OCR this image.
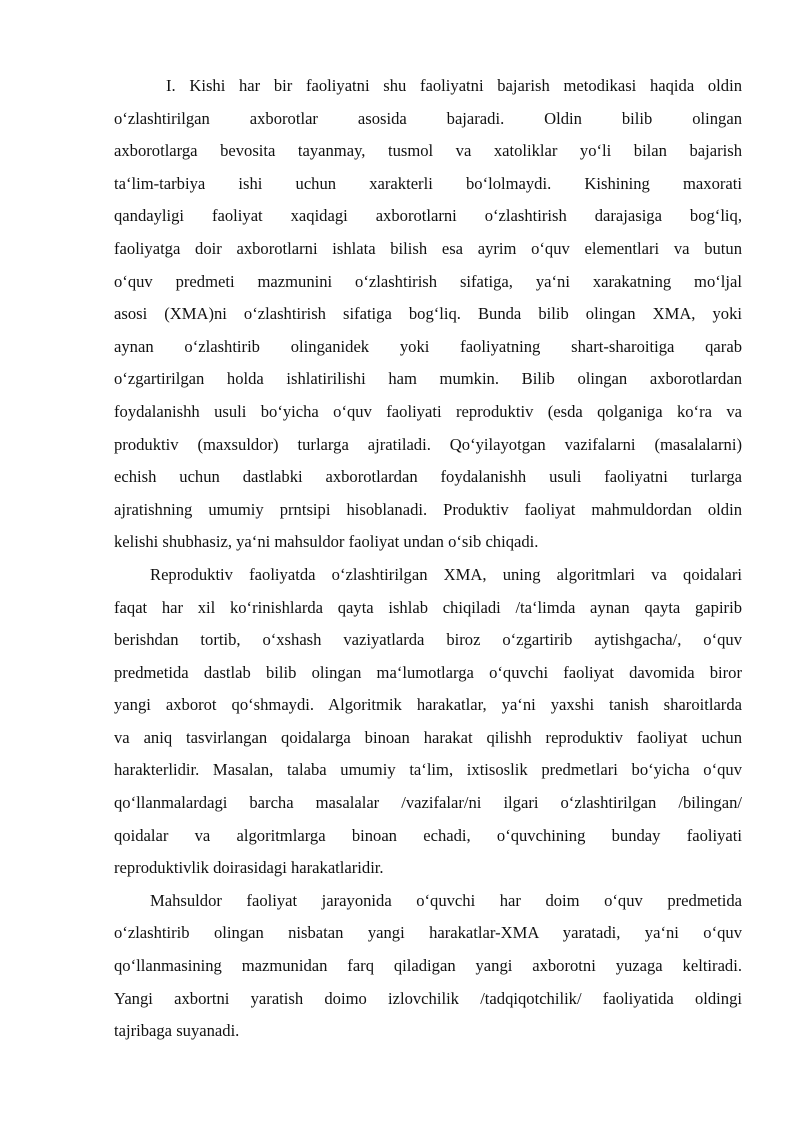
I. Kishi har bir faoliyatni shu faoliyatni bajarish metodikasi haqida oldin
oʻzlashtirilgan axborotlar asosida bajaradi. Oldin bilib olingan
axborotlarga bevosita tayanmay, tusmol va xatoliklar yoʻli bilan bajarish
taʻlim-tarbiya ishi uchun xarakterli boʻlolmaydi. Kishining maxorati
qandayligi faoliyat xaqidagi axborotlarni oʻzlashtirish darajasiga bogʻliq,
faoliyatga doir axborotlarni ishlata bilish esa ayrim oʻquv elementlari va butun
oʻquv predmeti mazmunini oʻzlashtirish sifatiga, yaʻni xarakatning moʻljal
asosi (XMA)ni oʻzlashtirish sifatiga bogʻliq. Bunda bilib olingan XMA, yoki
aynan oʻzlashtirib olinganidek yoki faoliyatning shart-sharoitiga qarab
oʻzgartirilgan holda ishlatirilishi ham mumkin. Bilib olingan axborotlardan
foydalanishh usuli boʻyicha oʻquv faoliyati reproduktiv (esda qolganiga koʻra va
produktiv (maxsuldor) turlarga ajratiladi. Qoʻyilayotgan vazifalarni (masalalarni)
echish uchun dastlabki axborotlardan foydalanishh usuli faoliyatni turlarga
ajratishning umumiy prntsipi hisoblanadi. Produktiv faoliyat mahmuldordan oldin
kelishi shubhasiz, yaʻni mahsuldor faoliyat undan oʻsib chiqadi.
Reproduktiv faoliyatda oʻzlashtirilgan XMA, uning algoritmlari va qoidalari
faqat har xil koʻrinishlarda qayta ishlab chiqiladi /taʻlimda aynan qayta gapirib
berishdan tortib, oʻxshash vaziyatlarda biroz oʻzgartirib aytishgacha/, oʻquv
predmetida dastlab bilib olingan maʻlumotlarga oʻquvchi faoliyat davomida biror
yangi axborot qoʻshmaydi. Algoritmik harakatlar, yaʻni yaxshi tanish sharoitlarda
va aniq tasvirlangan qoidalarga binoan harakat qilishh reproduktiv faoliyat uchun
harakterlidir. Masalan, talaba umumiy taʻlim, ixtisoslik predmetlari boʻyicha oʻquv
qoʻllanmalardagi barcha masalalar /vazifalar/ni ilgari oʻzlashtirilgan /bilingan/
qoidalar va algoritmlarga binoan echadi, oʻquvchining bunday faoliyati
reproduktivlik doirasidagi harakatlaridir.
Mahsuldor faoliyat jarayonida oʻquvchi har doim oʻquv predmetida
oʻzlashtirib olingan nisbatan yangi harakatlar-XMA yaratadi, yaʻni oʻquv
qoʻllanmasining mazmunidan farq qiladigan yangi axborotni yuzaga keltiradi.
Yangi axbortni yaratish doimo izlovchilik /tadqiqotchilik/ faoliyatida oldingi
tajribaga suyanadi.
